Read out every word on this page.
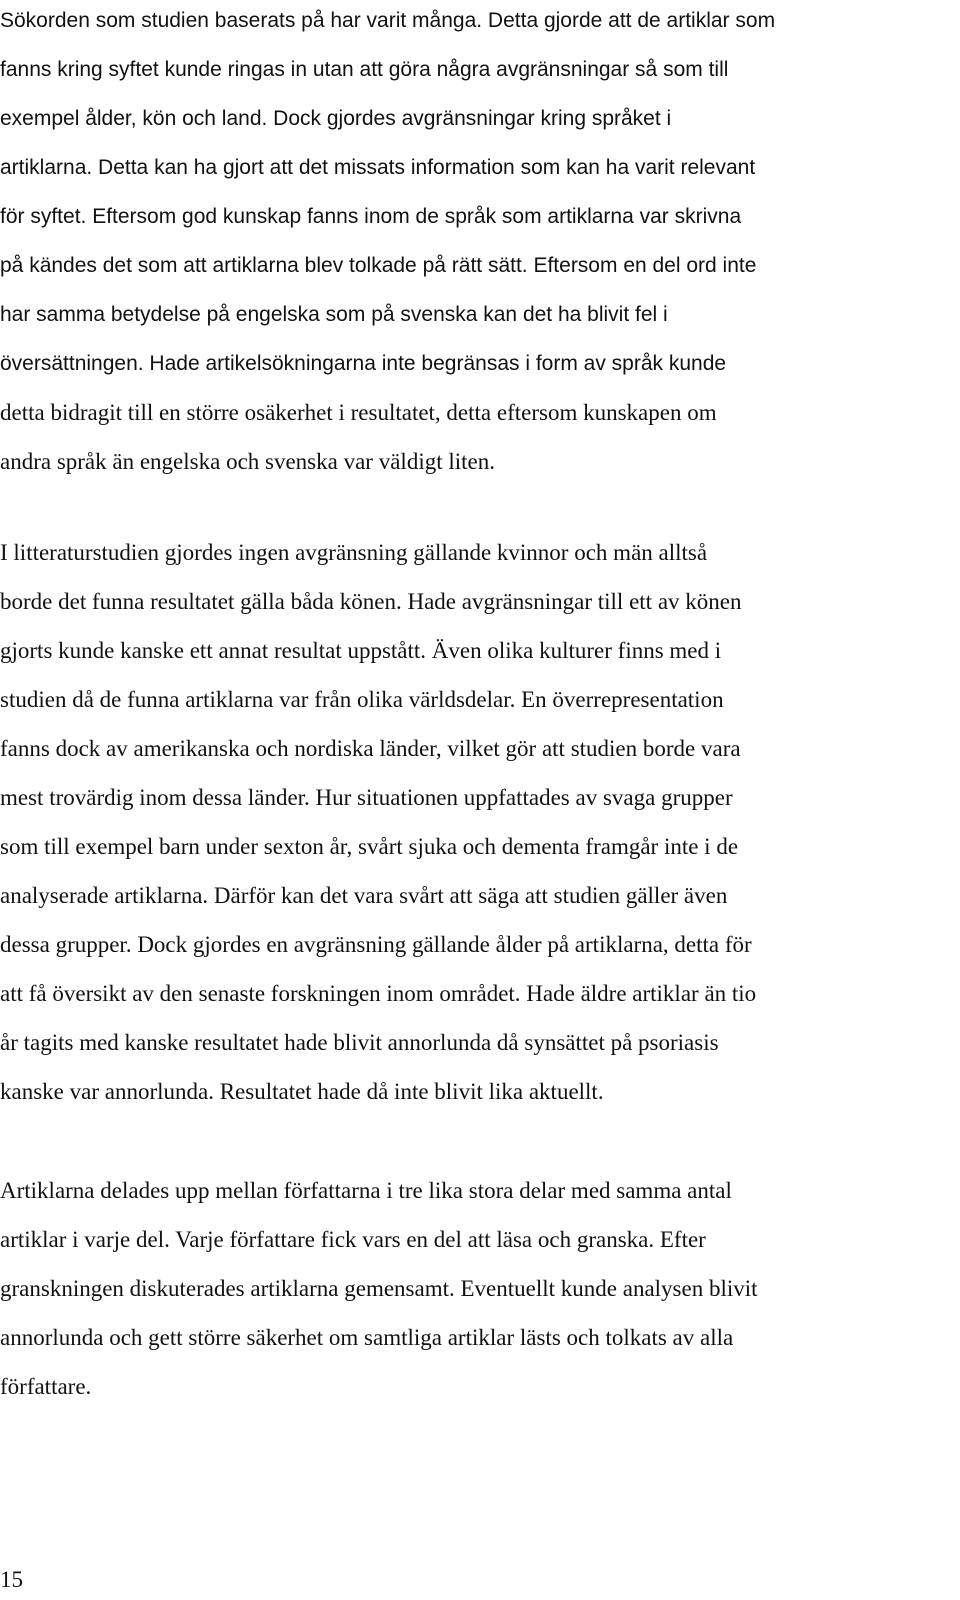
Sökorden som studien baserats på har varit många. Detta gjorde att de artiklar som
fanns kring syftet kunde ringas in utan att göra några avgränsningar så som till
exempel ålder, kön och land. Dock gjordes avgränsningar kring språket i
artiklarna. Detta kan ha gjort att det missats information som kan ha varit relevant
för syftet. Eftersom god kunskap fanns inom de språk som artiklarna var skrivna
på kändes det som att artiklarna blev tolkade på rätt sätt. Eftersom en del ord inte
har samma betydelse på engelska som på svenska kan det ha blivit fel i
översättningen. Hade artikelsökningarna inte begränsas i form av språk kunde
detta bidragit till en större osäkerhet i resultatet, detta eftersom kunskapen om
andra språk än engelska och svenska var väldigt liten.
I litteraturstudien gjordes ingen avgränsning gällande kvinnor och män alltså
borde det funna resultatet gälla båda könen. Hade avgränsningar till ett av könen
gjorts kunde kanske ett annat resultat uppstått. Även olika kulturer finns med i
studien då de funna artiklarna var från olika världsdelar. En överrepresentation
fanns dock av amerikanska och nordiska länder, vilket gör att studien borde vara
mest trovärdig inom dessa länder. Hur situationen uppfattades av svaga grupper
som till exempel barn under sexton år, svårt sjuka och dementa framgår inte i de
analyserade artiklarna. Därför kan det vara svårt att säga att studien gäller även
dessa grupper. Dock gjordes en avgränsning gällande ålder på artiklarna, detta för
att få översikt av den senaste forskningen inom området. Hade äldre artiklar än tio
år tagits med kanske resultatet hade blivit annorlunda då synsättet på psoriasis
kanske var annorlunda. Resultatet hade då inte blivit lika aktuellt.
Artiklarna delades upp mellan författarna i tre lika stora delar med samma antal
artiklar i varje del. Varje författare fick vars en del att läsa och granska. Efter
granskningen diskuterades artiklarna gemensamt. Eventuellt kunde analysen blivit
annorlunda och gett större säkerhet om samtliga artiklar lästs och tolkats av alla
författare.
15
